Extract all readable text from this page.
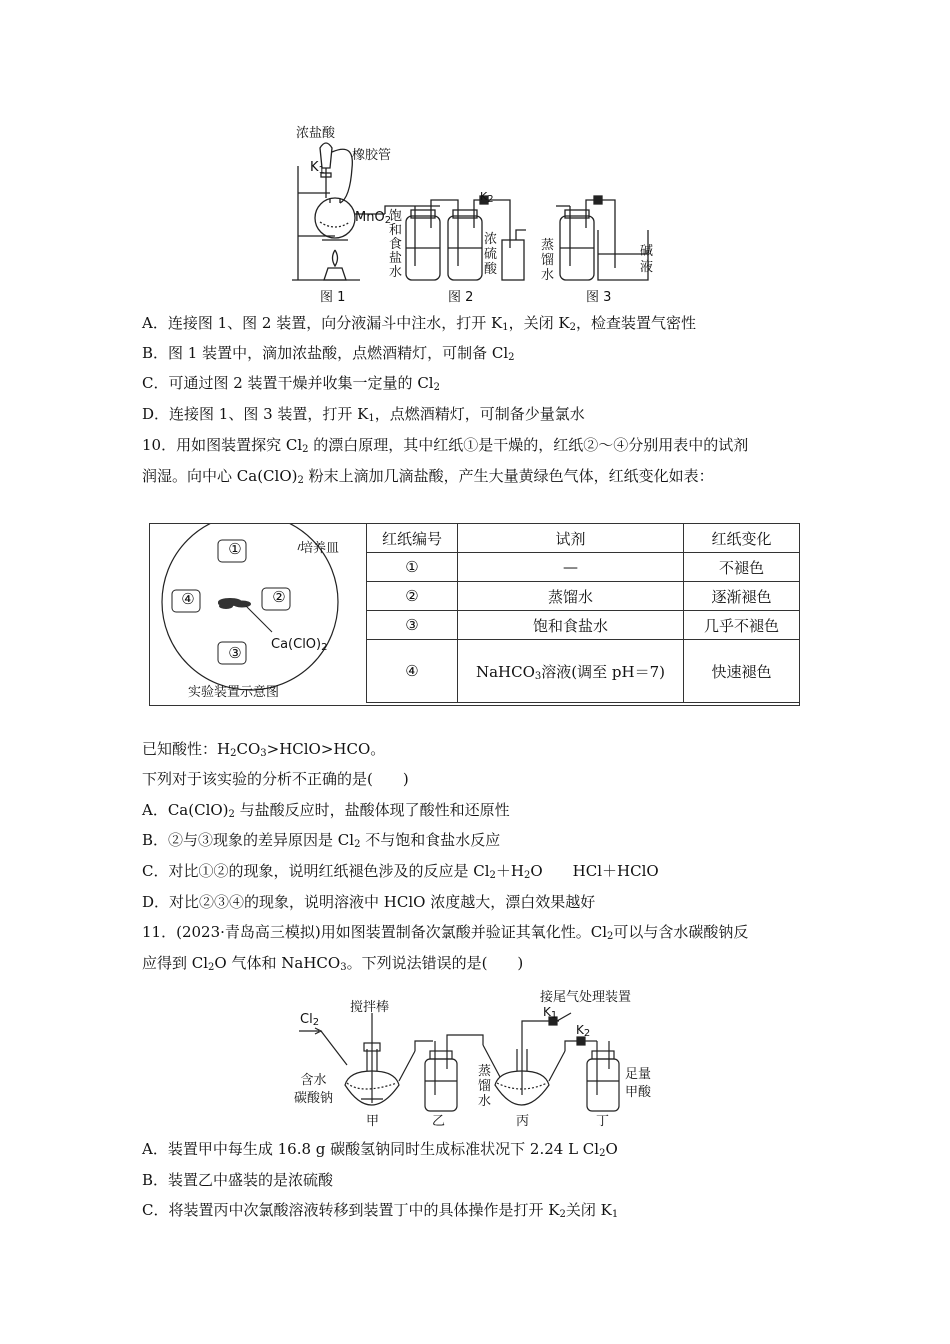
浓盐酸
橡胶管
$K_1$
MnO$_2$
饱
和
食
盐
水
浓
硫
酸
$K_2$
蒸
馏
水
碱
液
图 1	图 2	图 3
A．连接图 1、图 2 装置，向分液漏斗中注水，打开 $K_1$，关闭 $K_2$，检查装置气密性
B．图 1 装置中，滴加浓盐酸，点燃酒精灯，可制备 $Cl_2$
C．可通过图 2 装置干燥并收集一定量的 $Cl_2$
D．连接图 1、图 3 装置，打开 $K_1$，点燃酒精灯，可制备少量氯水
10．用如图装置探究 $Cl_2$ 的漂白原理，其中红纸①是干燥的，红纸②～④分别用表中的试剂
润湿。向中心 $Ca(ClO)_2$ 粉末上滴加几滴盐酸，产生大量黄绿色气体，红纸变化如表：
培养皿
①
②
③
④
$Ca(ClO)_2$
实验装置示意图
红纸编号	试剂	红纸变化
①	—	不褪色
②	蒸馏水	逐渐褪色
③	饱和食盐水	几乎不褪色
④	NaHCO$_3$溶液(调至 pH＝7)	快速褪色
已知酸性：$H_2CO_3>HClO>HCO$。
下列对于该实验的分析不正确的是(　　)
A．$Ca(ClO)_2$ 与盐酸反应时，盐酸体现了酸性和还原性
B．②与③现象的差异原因是 $Cl_2$ 不与饱和食盐水反应
C．对比①②的现象，说明红纸褪色涉及的反应是 $Cl_2+H_2O$　　HCl＋HClO
D．对比②③④的现象，说明溶液中 HClO 浓度越大，漂白效果越好
11．(2023·青岛高三模拟)用如图装置制备次氯酸并验证其氧化性。$Cl_2$可以与含水碳酸钠反
应得到 $Cl_2O$ 气体和 NaHCO$_3$。下列说法错误的是(　　)
搅拌棒
接尾气处理装置
$Cl_2$
含水
碳酸钠
蒸
馏
水
$K_1$
$K_2$
足量
甲酸
甲	乙	丙	丁
A．装置甲中每生成 16.8 g 碳酸氢钠同时生成标准状况下 2.24 L $Cl_2O$
B．装置乙中盛装的是浓硫酸
C．将装置丙中次氯酸溶液转移到装置丁中的具体操作是打开 $K_2$关闭 $K_1$
